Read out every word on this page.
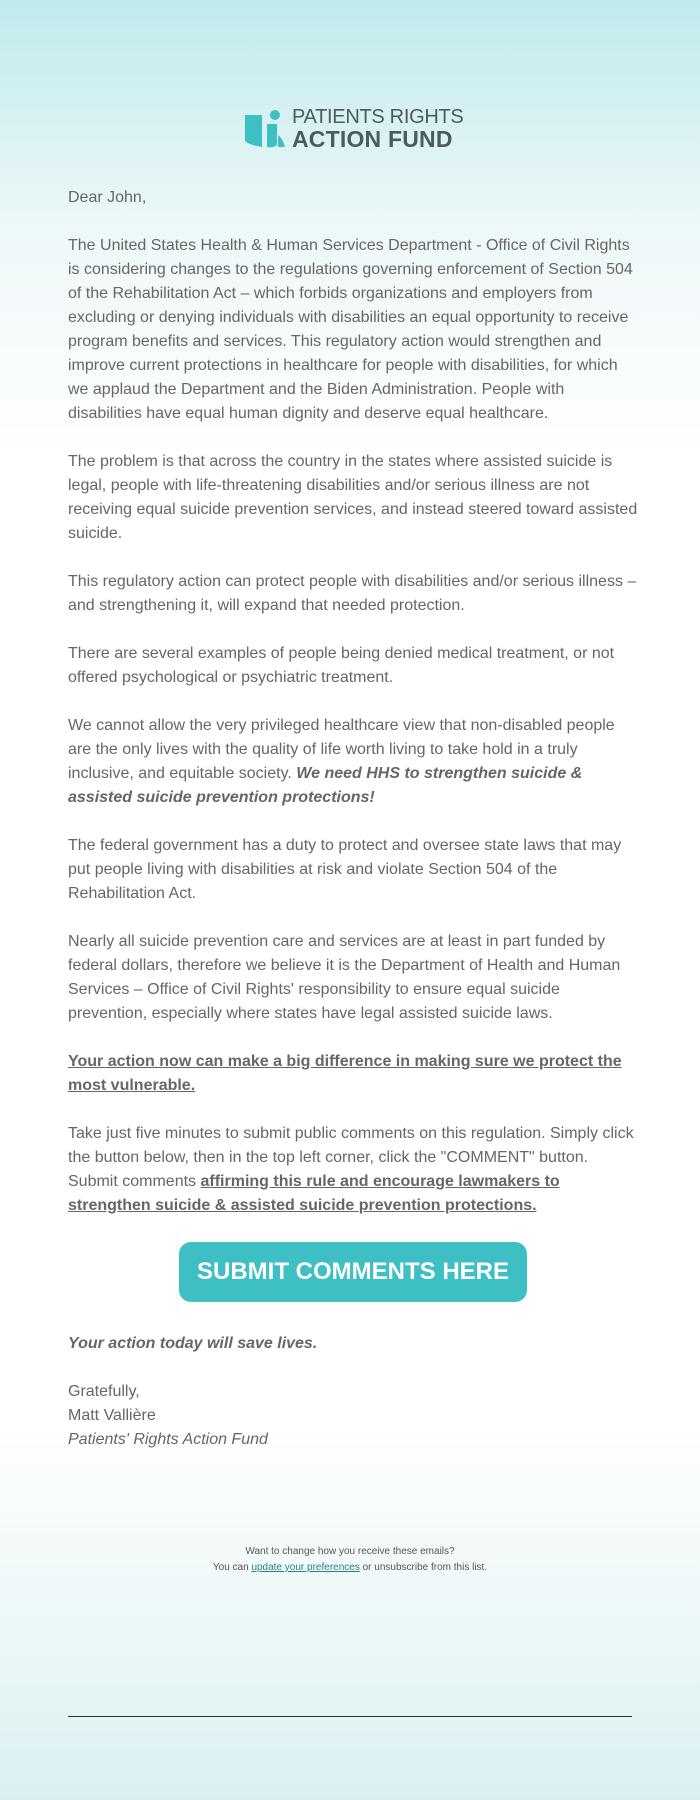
PATIENTS RIGHTS
ACTION FUND

Dear John,

The United States Health & Human Services Department - Office of Civil Rights is considering changes to the regulations governing enforcement of Section 504 of the Rehabilitation Act – which forbids organizations and employers from excluding or denying individuals with disabilities an equal opportunity to receive program benefits and services. This regulatory action would strengthen and improve current protections in healthcare for people with disabilities, for which we applaud the Department and the Biden Administration. People with disabilities have equal human dignity and deserve equal healthcare.

The problem is that across the country in the states where assisted suicide is legal, people with life-threatening disabilities and/or serious illness are not receiving equal suicide prevention services, and instead steered toward assisted suicide.

This regulatory action can protect people with disabilities and/or serious illness – and strengthening it, will expand that needed protection.

There are several examples of people being denied medical treatment, or not offered psychological or psychiatric treatment.

We cannot allow the very privileged healthcare view that non-disabled people are the only lives with the quality of life worth living to take hold in a truly inclusive, and equitable society. We need HHS to strengthen suicide & assisted suicide prevention protections!

The federal government has a duty to protect and oversee state laws that may put people living with disabilities at risk and violate Section 504 of the Rehabilitation Act.

Nearly all suicide prevention care and services are at least in part funded by federal dollars, therefore we believe it is the Department of Health and Human Services – Office of Civil Rights' responsibility to ensure equal suicide prevention, especially where states have legal assisted suicide laws.

Your action now can make a big difference in making sure we protect the most vulnerable.

Take just five minutes to submit public comments on this regulation. Simply click the button below, then in the top left corner, click the "COMMENT" button. Submit comments affirming this rule and encourage lawmakers to strengthen suicide & assisted suicide prevention protections.

SUBMIT COMMENTS HERE

Your action today will save lives.

Gratefully,
Matt Vallière
Patients' Rights Action Fund
Want to change how you receive these emails?
You can update your preferences or unsubscribe from this list.
